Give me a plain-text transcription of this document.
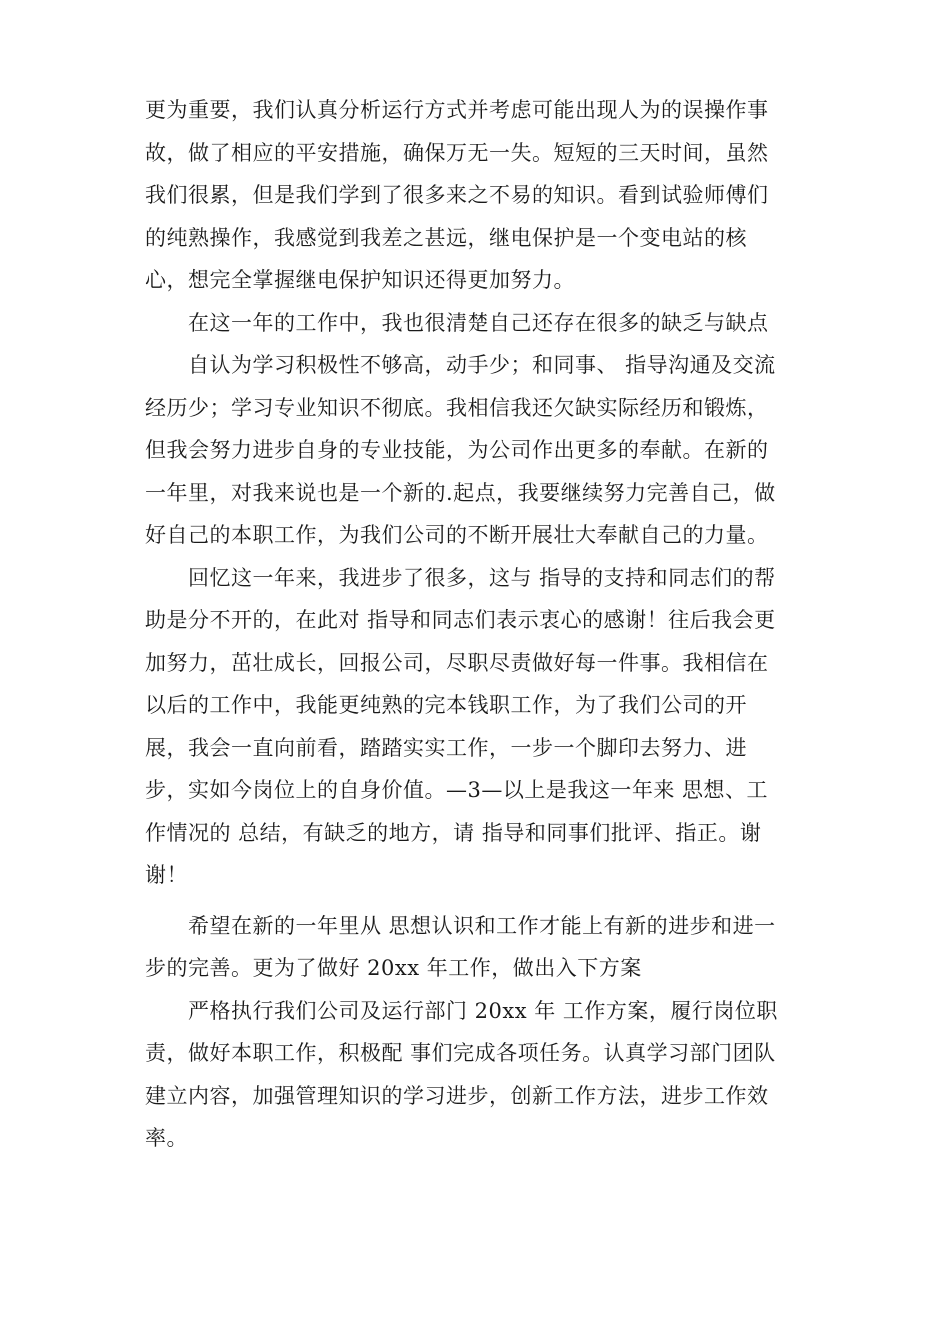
更为重要，我们认真分析运行方式并考虑可能出现人为的误操作事
故，做了相应的平安措施，确保万无一失。短短的三天时间，虽然
我们很累，但是我们学到了很多来之不易的知识。看到试验师傅们
的纯熟操作，我感觉到我差之甚远，继电保护是一个变电站的核
心，想完全掌握继电保护知识还得更加努力。
　　在这一年的工作中，我也很清楚自己还存在很多的缺乏与缺点
　　自认为学习积极性不够高，动手少；和同事、 指导沟通及交流
经历少；学习专业知识不彻底。我相信我还欠缺实际经历和锻炼，
但我会努力进步自身的专业技能，为公司作出更多的奉献。在新的
一年里，对我来说也是一个新的.起点，我要继续努力完善自己，做
好自己的本职工作，为我们公司的不断开展壮大奉献自己的力量。
　　回忆这一年来，我进步了很多，这与 指导的支持和同志们的帮
助是分不开的，在此对 指导和同志们表示衷心的感谢！往后我会更
加努力，茁壮成长，回报公司，尽职尽责做好每一件事。我相信在
以后的工作中，我能更纯熟的完本钱职工作，为了我们公司的开
展，我会一直向前看，踏踏实实工作，一步一个脚印去努力、进
步，实如今岗位上的自身价值。—3—以上是我这一年来 思想、工
作情况的 总结，有缺乏的地方，请 指导和同事们批评、指正。谢
谢！
　　希望在新的一年里从 思想认识和工作才能上有新的进步和进一
步的完善。更为了做好 20xx 年工作，做出入下方案
　　严格执行我们公司及运行部门 20xx 年 工作方案，履行岗位职
责，做好本职工作，积极配 事们完成各项任务。认真学习部门团队
建立内容，加强管理知识的学习进步，创新工作方法，进步工作效
率。
